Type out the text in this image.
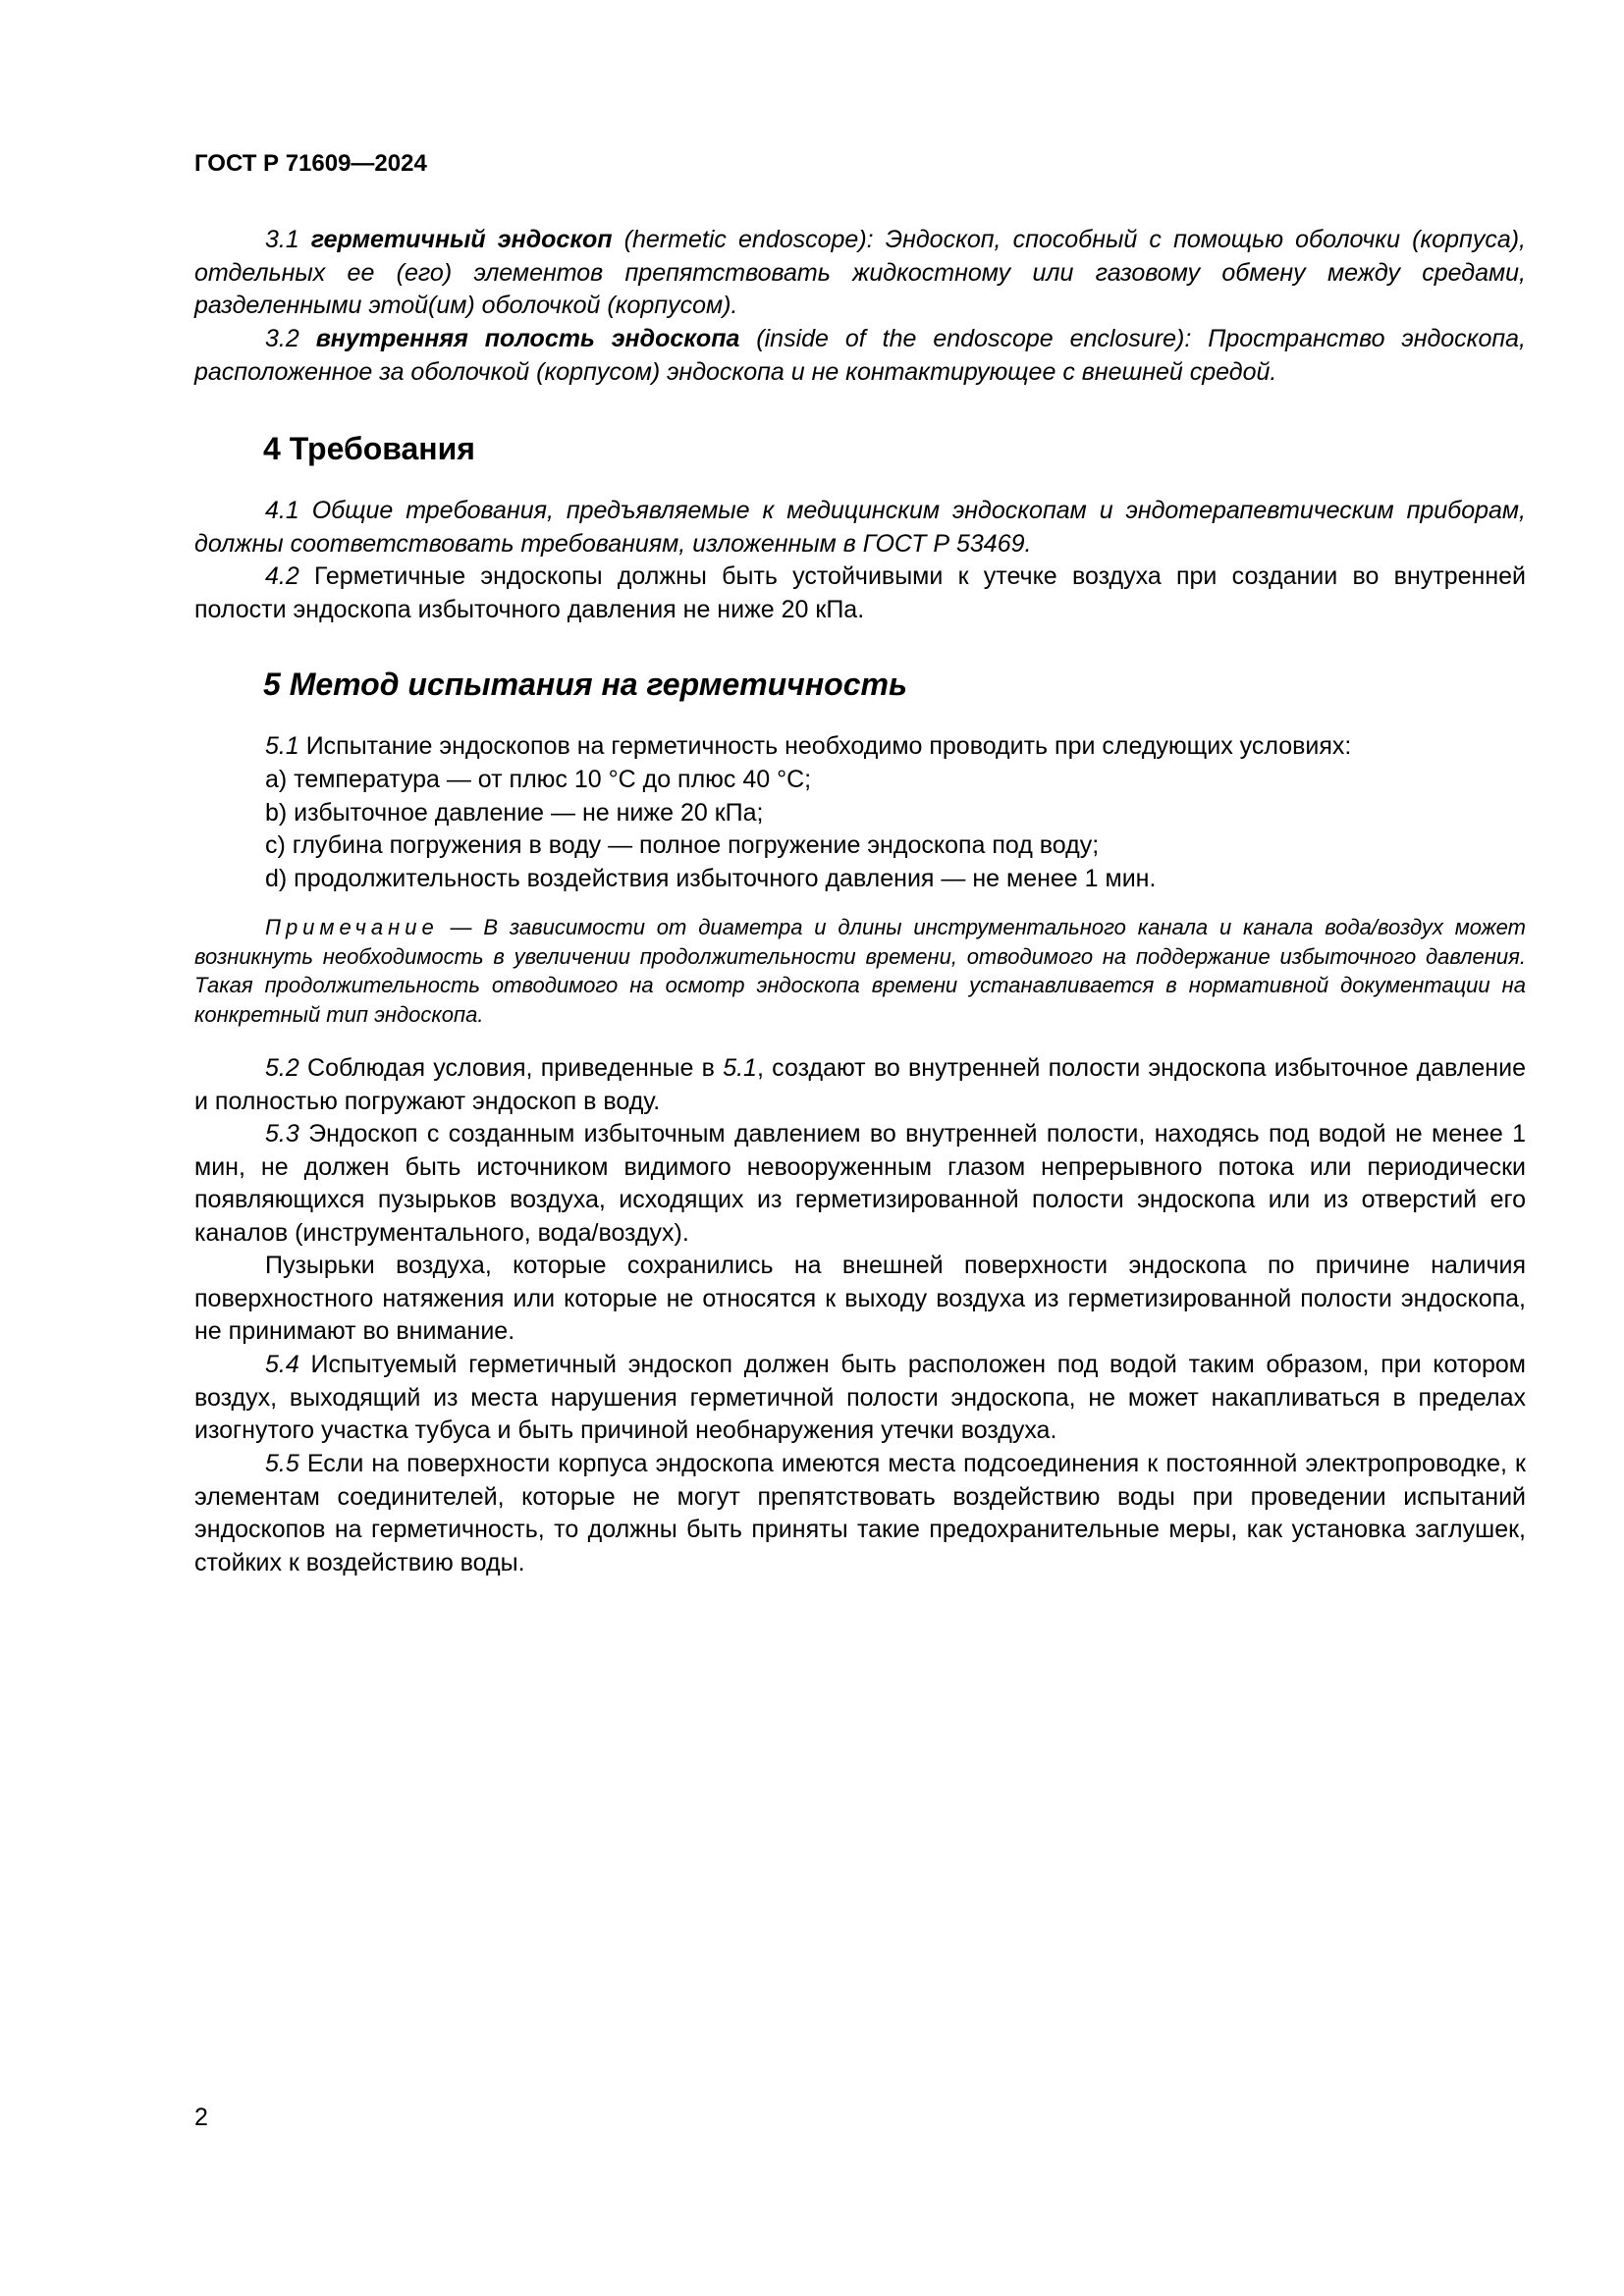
ГОСТ Р 71609—2024

3.1 герметичный эндоскоп (hermetic endoscope): Эндоскоп, способный с помощью оболочки (корпуса), отдельных ее (его) элементов препятствовать жидкостному или газовому обмену между средами, разделенными этой(им) оболочкой (корпусом).

3.2 внутренняя полость эндоскопа (inside of the endoscope enclosure): Пространство эндоскопа, расположенное за оболочкой (корпусом) эндоскопа и не контактирующее с внешней средой.

4 Требования

4.1 Общие требования, предъявляемые к медицинским эндоскопам и эндотерапевтическим приборам, должны соответствовать требованиям, изложенным в ГОСТ Р 53469.

4.2 Герметичные эндоскопы должны быть устойчивыми к утечке воздуха при создании во внутренней полости эндоскопа избыточного давления не ниже 20 кПа.

5 Метод испытания на герметичность

5.1 Испытание эндоскопов на герметичность необходимо проводить при следующих условиях:

a) температура — от плюс 10 °С до плюс 40 °С;
b) избыточное давление — не ниже 20 кПа;
c) глубина погружения в воду — полное погружение эндоскопа под воду;
d) продолжительность воздействия избыточного давления — не менее 1 мин.

Примечание — В зависимости от диаметра и длины инструментального канала и канала вода/воздух может возникнуть необходимость в увеличении продолжительности времени, отводимого на поддержание избыточного давления. Такая продолжительность отводимого на осмотр эндоскопа времени устанавливается в нормативной документации на конкретный тип эндоскопа.

5.2 Соблюдая условия, приведенные в 5.1, создают во внутренней полости эндоскопа избыточное давление и полностью погружают эндоскоп в воду.

5.3 Эндоскоп с созданным избыточным давлением во внутренней полости, находясь под водой не менее 1 мин, не должен быть источником видимого невооруженным глазом непрерывного потока или периодически появляющихся пузырьков воздуха, исходящих из герметизированной полости эндоскопа или из отверстий его каналов (инструментального, вода/воздух).

Пузырьки воздуха, которые сохранились на внешней поверхности эндоскопа по причине наличия поверхностного натяжения или которые не относятся к выходу воздуха из герметизированной полости эндоскопа, не принимают во внимание.

5.4 Испытуемый герметичный эндоскоп должен быть расположен под водой таким образом, при котором воздух, выходящий из места нарушения герметичной полости эндоскопа, не может накапливаться в пределах изогнутого участка тубуса и быть причиной необнаружения утечки воздуха.

5.5 Если на поверхности корпуса эндоскопа имеются места подсоединения к постоянной электропроводке, к элементам соединителей, которые не могут препятствовать воздействию воды при проведении испытаний эндоскопов на герметичность, то должны быть приняты такие предохранительные меры, как установка заглушек, стойких к воздействию воды.

2
